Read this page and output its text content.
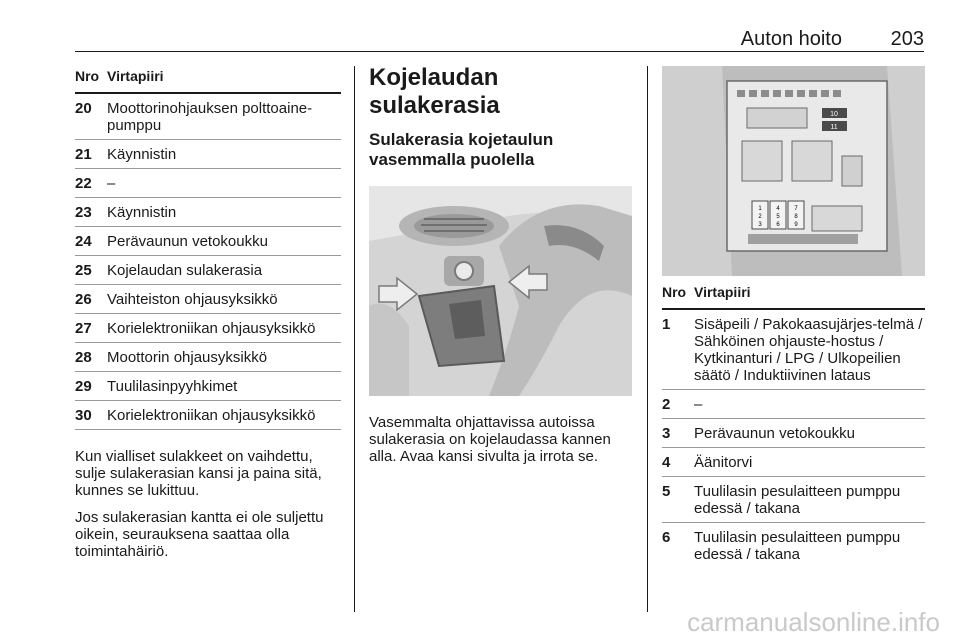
Auton hoito 203
Nro Virtapiiri
20	Moottorinohjauksen polttoaine-pumppu
21	Käynnistin
22	–
23	Käynnistin
24	Perävaunun vetokoukku
25	Kojelaudan sulakerasia
26	Vaihteiston ohjausyksikkö
27	Korielektroniikan ohjausyksikkö
28	Moottorin ohjausyksikkö
29	Tuulilasinpyyhkimet
30	Korielektroniikan ohjausyksikkö

Kun vialliset sulakkeet on vaihdettu, sulje sulakerasian kansi ja paina sitä, kunnes se lukittuu.

Jos sulakerasian kantta ei ole suljettu oikein, seurauksena saattaa olla toimintahäiriö.

Kojelaudan sulakerasia
Sulakerasia kojetaulun vasemmalla puolella

Vasemmalta ohjattavissa autoissa sulakerasia on kojelaudassa kannen alla. Avaa kansi sivulta ja irrota se.

10
11
1
2
3
4
5
6
7
8
9
Nro Virtapiiri
1	Sisäpeili / Pakokaasujärjes-telmä / Sähköinen ohjauste-hostus / Kytkinanturi / LPG / Ulkopeilien säätö / Induktiivinen lataus
2	–
3	Perävaunun vetokoukku
4	Äänitorvi
5	Tuulilasin pesulaitteen pumppu edessä / takana
6	Tuulilasin pesulaitteen pumppu edessä / takana
carmanualsonline.info
